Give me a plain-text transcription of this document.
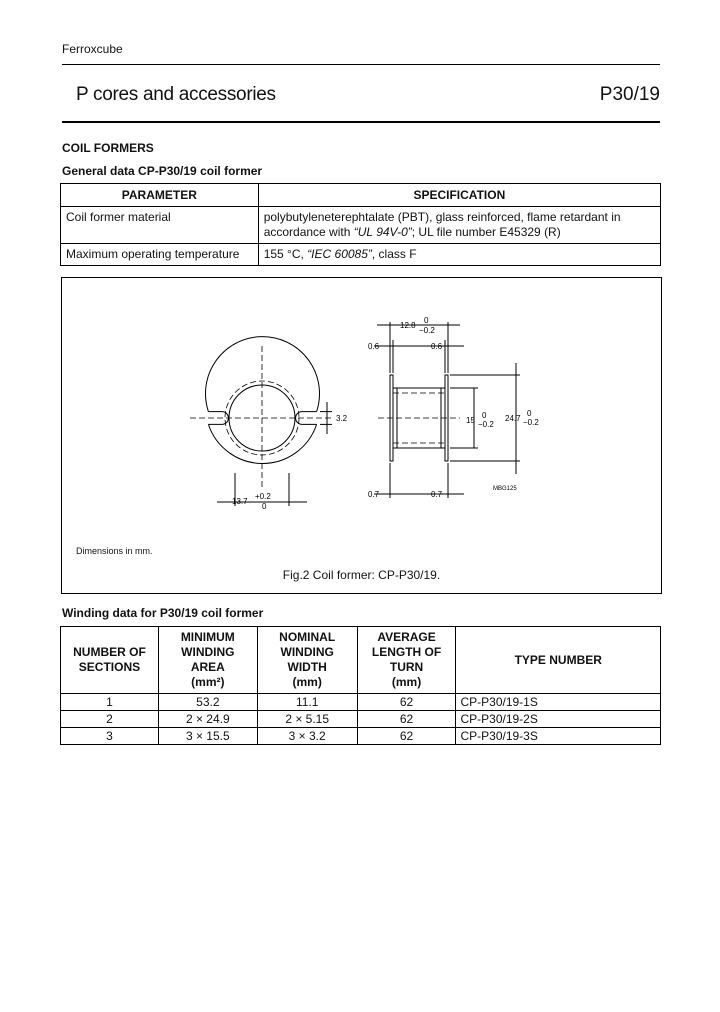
Ferroxcube
P cores and accessories	P30/19
COIL FORMERS
General data CP-P30/19 coil former
PARAMETER	SPECIFICATION
Coil former material	polybutyleneterephtalate (PBT), glass reinforced, flame retardant in
accordance with “UL 94V-0”; UL file number E45329 (R)
Maximum operating temperature	155 °C, “IEC 60085”, class F
3.2
13.7
+0.2
0
12.8
0
−0.2
0.6	0.6
15
0
−0.2
24.7
0
−0.2
0.7	0.7
MBG125
Dimensions in mm.
Fig.2 Coil former: CP-P30/19.
Winding data for P30/19 coil former
NUMBER OF
SECTIONS	MINIMUM
WINDING
AREA
(mm²)	NOMINAL
WINDING
WIDTH
(mm)	AVERAGE
LENGTH OF
TURN
(mm)	TYPE NUMBER
1	53.2	11.1	62	CP-P30/19-1S
2	2 × 24.9	2 × 5.15	62	CP-P30/19-2S
3	3 × 15.5	3 × 3.2	62	CP-P30/19-3S
